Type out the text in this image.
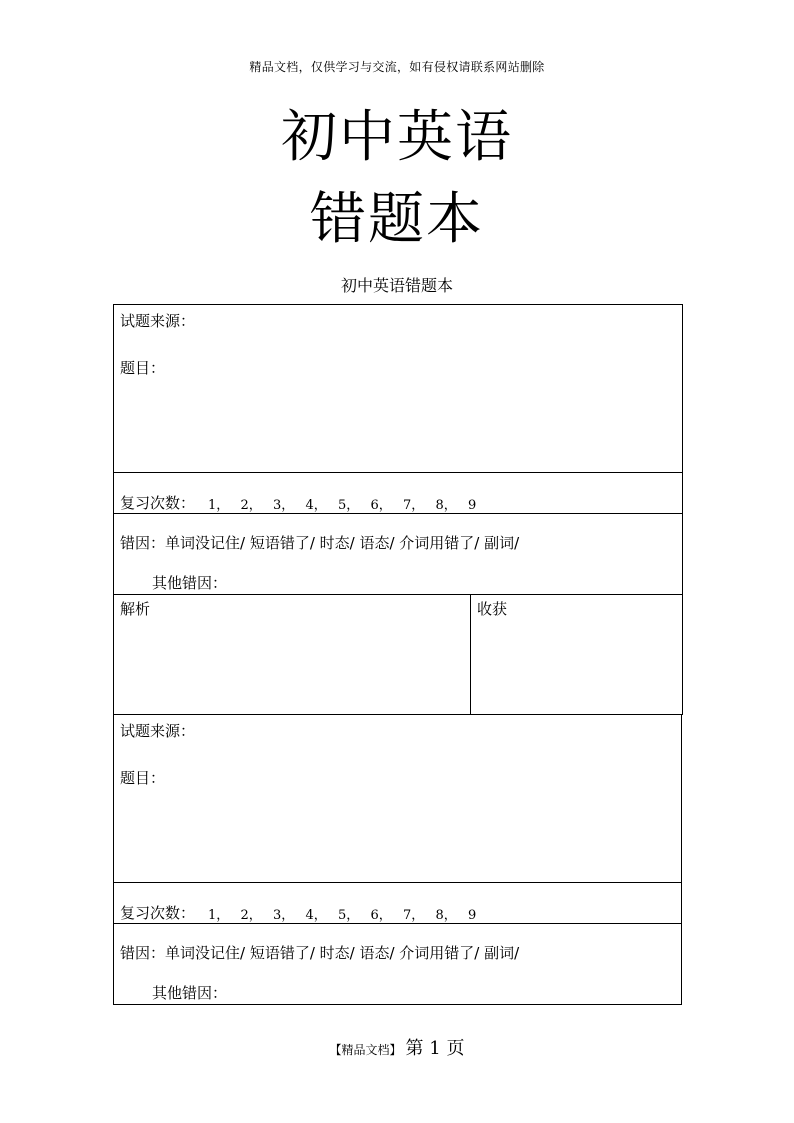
精品文档，仅供学习与交流，如有侵权请联系网站删除
初中英语
错题本
初中英语错题本
试题来源：
题目：

复习次数： 1， 2， 3， 4， 5， 6， 7， 8， 9

错因：单词没记住/ 短语错了/ 时态/ 语态/ 介词用错了/ 副词/
其他错因：

解析	收获
试题来源：
题目：

复习次数： 1， 2， 3， 4， 5， 6， 7， 8， 9

错因：单词没记住/ 短语错了/ 时态/ 语态/ 介词用错了/ 副词/
其他错因：
【精品文档】 第 1 页
